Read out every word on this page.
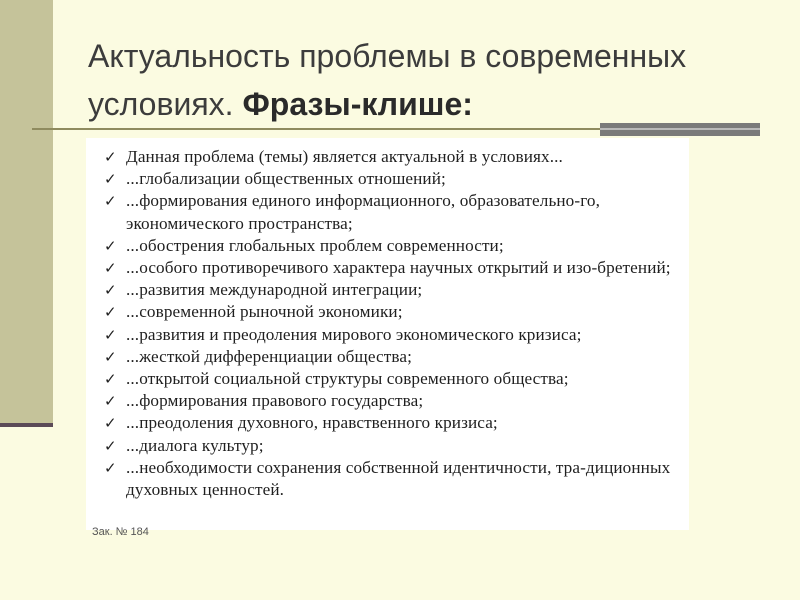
Актуальность проблемы в современных условиях. Фразы-клише:
✓ Данная проблема (темы) является актуальной в условиях...
✓ ...глобализации общественных отношений;
✓ ...формирования единого информационного, образовательно-го, экономического пространства;
✓ ...обострения глобальных проблем современности;
✓ ...особого противоречивого характера научных открытий и изо-бретений;
✓ ...развития международной интеграции;
✓ ...современной рыночной экономики;
✓ ...развития и преодоления мирового экономического кризиса;
✓ ...жесткой дифференциации общества;
✓ ...открытой социальной структуры современного общества;
✓ ...формирования правового государства;
✓ ...преодоления духовного, нравственного кризиса;
✓ ...диалога культур;
✓ ...необходимости сохранения собственной идентичности, тра-диционных духовных ценностей.
Зак. № 184
